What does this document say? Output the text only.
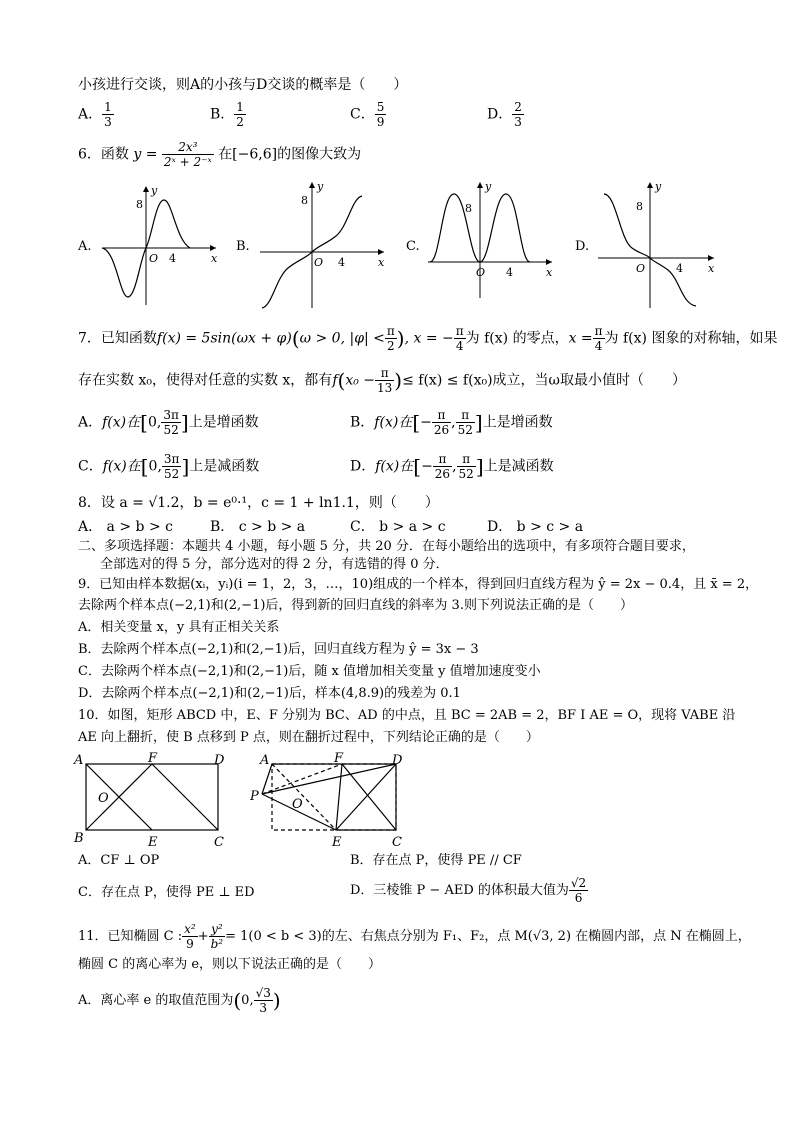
小孩进行交谈，则A的小孩与D交谈的概率是（　　）
A． $\frac{1}{3}$	B． $\frac{1}{2}$	C． $\frac{5}{9}$	D． $\frac{2}{3}$
6．函数 $y = \frac{\text{2x³}}{\text{2ˣ + 2⁻ˣ}}$ 在[−6,6]的图像大致为
A.
x
y
8
O 4
B.
x
y
8
O 4
C.
x
y
8
O 4
D.
x
y
8
O	4
7．已知函数f(x) = 5sin(ωx + φ)(ω > 0, $|\varphi| < \frac{\pi}{2}$ ), x = − $\frac{\pi}{4}$ 为 f(x) 的零点，$x = \frac{\pi}{4}$ 为 f(x) 图象的对称轴，如果
存在实数 x₀，使得对任意的实数 x，都有$f(x_0 - \frac{\pi}{13}$ )≤ f(x) ≤ f(x₀)成立，当ω取最小值时（　　）
A．f(x)在[0, $\frac{3\pi}{52}$ ]上是增函数	B．f(x)在[− $\frac{\pi}{26}$ , $\frac{\pi}{52}$ ]上是增函数
C．f(x)在[0, $\frac{3\pi}{52}$ ]上是减函数	D．f(x)在[− $\frac{\pi}{26}$ , $\frac{\pi}{52}$ ]上是减函数
8．设 a = √1.2，b = e⁰·¹，c = 1 + ln1.1，则（　　）
A． a > b > c	B． c > b > a	C． b > a > c	D． b > c > a
二、多项选择题：本题共 4 小题，每小题 5 分，共 20 分．在每小题给出的选项中，有多项符合题目要求，
全部选对的得 5 分，部分选对的得 2 分，有选错的得 0 分．
9．已知由样本数据(xᵢ，yᵢ)(i = 1，2，3，…，10)组成的一个样本，得到回归直线方程为 ŷ = 2x − 0.4，且 x̄ = 2，
去除两个样本点(−2,1)和(2,−1)后，得到新的回归直线的斜率为 3.则下列说法正确的是（　　）
A．相关变量 x，y 具有正相关关系
B．去除两个样本点(−2,1)和(2,−1)后，回归直线方程为 ŷ = 3x − 3
C．去除两个样本点(−2,1)和(2,−1)后，随 x 值增加相关变量 y 值增加速度变小
D．去除两个样本点(−2,1)和(2,−1)后，样本(4,8.9)的残差为 0.1
10．如图，矩形 ABCD 中，E、F 分别为 BC、AD 的中点，且 BC = 2AB = 2，BF I AE = O，现将 VABE 沿
AE 向上翻折，使 B 点移到 P 点，则在翻折过程中，下列结论正确的是（　　）
A	F	D
O
B	E	C
A	F	D
P
O
E	C
A．CF ⊥ OP	B．存在点 P，使得 PE // CF
C．存在点 P，使得 PE ⊥ ED	D．三棱锥 P − AED 的体积最大值为 $\frac{√2}{6}$
11．已知椭圆 C : $\frac{\text{x²}}{9} + \frac{\text{y²}}{\text{b²}} = 1(0 < b < 3)$的左、右焦点分别为 F₁、F₂，点 M(√3, 2) 在椭圆内部，点 N 在椭圆上，
椭圆 C 的离心率为 e，则以下说法正确的是（　　）
A．离心率 e 的取值范围为(0, $\frac{√3}{3}$ )
